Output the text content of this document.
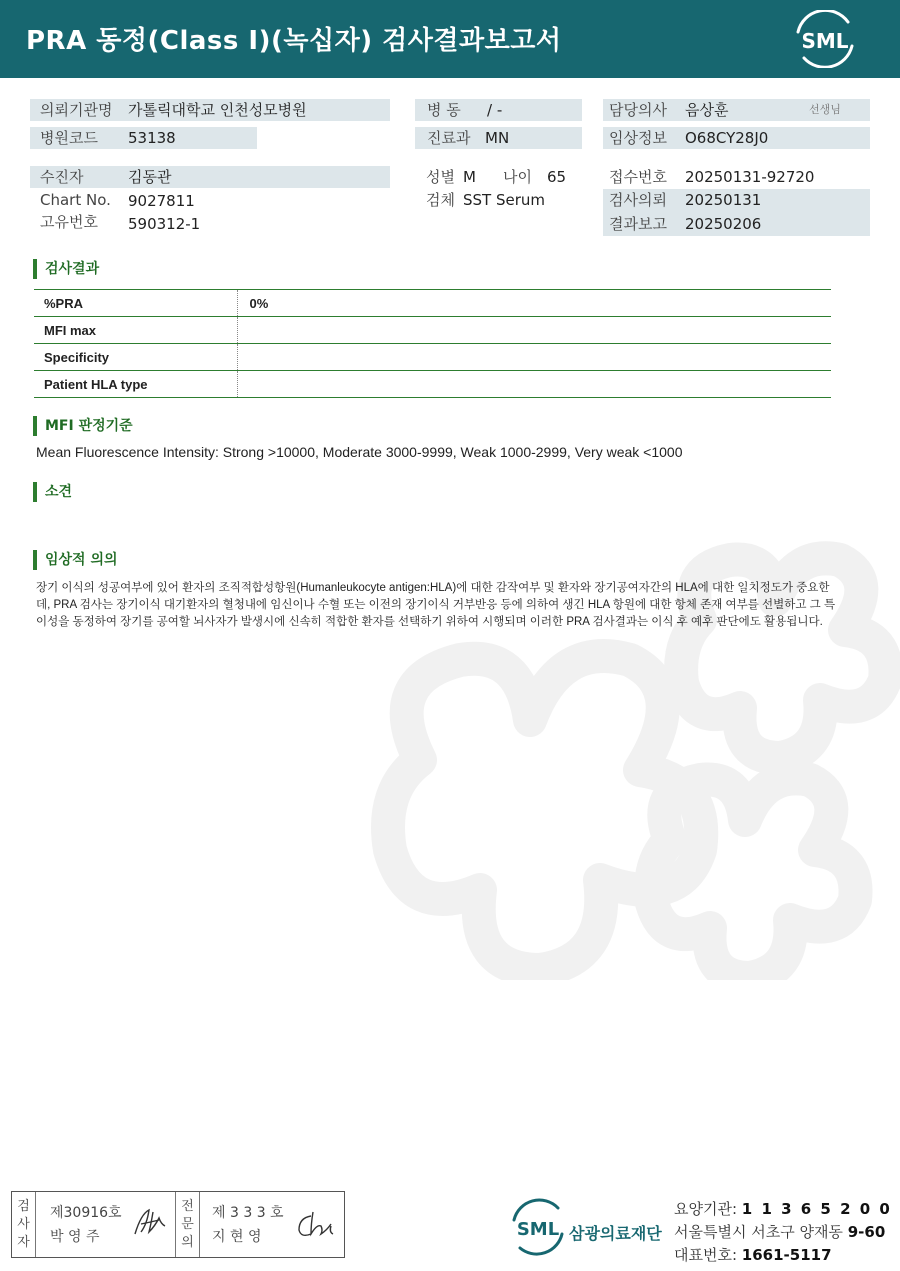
PRA 동정(Class I)(녹십자) 검사결과보고서	SML
의뢰기관명 가톨릭대학교 인천성모병원
병원코드 53138
수진자	김동관
Chart No. 9027811
고유번호 590312-1
병 동 / -
진료과 MN
성별 M 나이 65
검체 SST Serum
담당의사 음상훈	선생님
임상정보 O68CY28J0
접수번호 20250131-92720
검사의뢰 20250131
결과보고 20250206
검사결과
%PRA	0%
MFI max	
Specificity	
Patient HLA type	
MFI 판정기준
Mean Fluorescence Intensity: Strong >10000, Moderate 3000-9999, Weak 1000-2999, Very weak <1000
소견
임상적 의의
장기 이식의 성공여부에 있어 환자의 조직적합성항원(Humanleukocyte antigen:HLA)에 대한 감작여부 및 환자와 장기공여자간의 HLA에 대한 일치정도가 중요한데, PRA 검사는 장기이식 대기환자의 혈청내에 임신이나 수혈 또는 이전의 장기이식 거부반응 등에 의하여 생긴 HLA 항원에 대한 항체 존재 여부를 선별하고 그 특이성을 동정하여 장기를 공여할 뇌사자가 발생시에 신속히 적합한 환자를 선택하기 위하여 시행되며 이러한 PRA 검사결과는 이식 후 예후 판단에도 활용됩니다.
검사자
제30916호
박 영 주
전문의
제 3 3 3 호
지 현 영	SML 삼광의료재단
요양기관: 1 1 3 6 5 2 0 0
서울특별시 서초구 양재동 9-60
대표번호: 1661-5117
